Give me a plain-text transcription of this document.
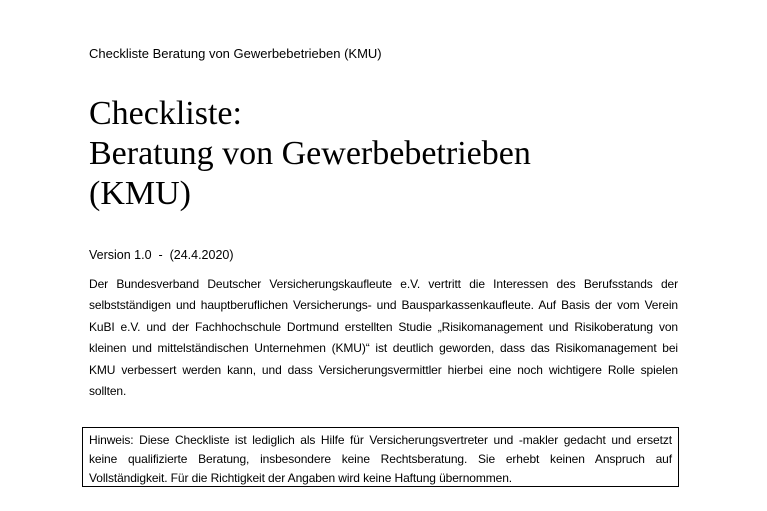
Checkliste Beratung von Gewerbebetrieben (KMU)
Checkliste:
Beratung von Gewerbebetrieben
(KMU)
Version 1.0  -  (24.4.2020)

Der Bundesverband Deutscher Versicherungskaufleute e.V. vertritt die Interessen des Berufsstands der selbstständigen und hauptberuflichen Versicherungs- und Bausparkassenkaufleute. Auf Basis der vom Verein KuBI e.V. und der Fachhochschule Dortmund erstellten Studie „Risikomanagement und Risikoberatung von kleinen und mittelständischen Unternehmen (KMU)“ ist deutlich geworden, dass das Risikomanagement bei KMU verbessert werden kann, und dass Versicherungsvermittler hierbei eine noch wichtigere Rolle spielen sollten.

Hinweis: Diese Checkliste ist lediglich als Hilfe für Versicherungsvertreter und -makler gedacht und ersetzt keine qualifizierte Beratung, insbesondere keine Rechtsberatung. Sie erhebt keinen Anspruch auf Vollständigkeit. Für die Richtigkeit der Angaben wird keine Haftung übernommen.
